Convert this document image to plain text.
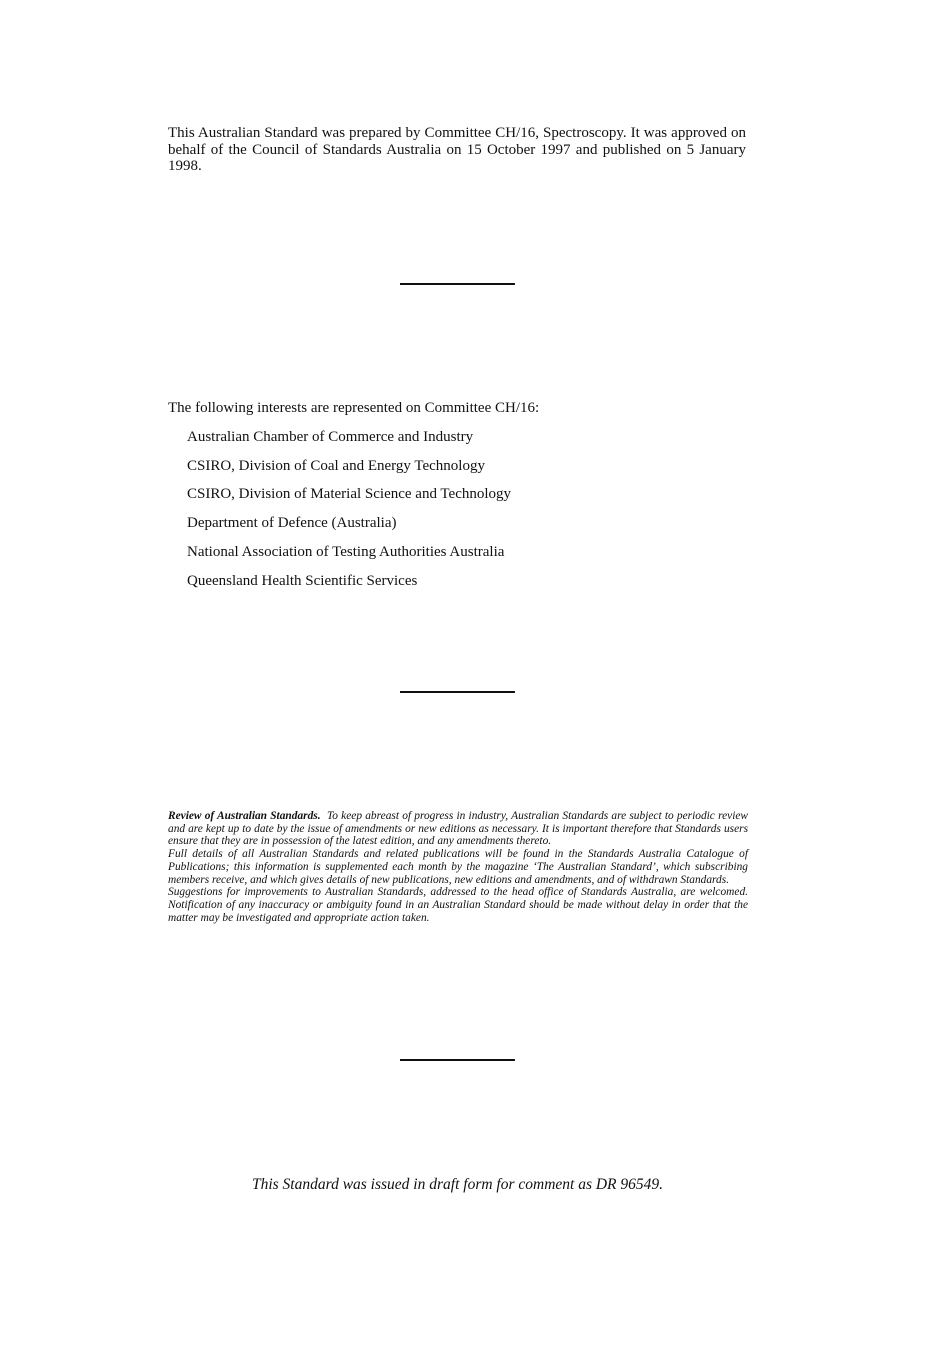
This Australian Standard was prepared by Committee CH/16, Spectroscopy. It was approved on behalf of the Council of Standards Australia on 15 October 1997 and published on 5 January 1998.

The following interests are represented on Committee CH/16:

Australian Chamber of Commerce and Industry
CSIRO, Division of Coal and Energy Technology
CSIRO, Division of Material Science and Technology
Department of Defence (Australia)
National Association of Testing Authorities Australia
Queensland Health Scientific Services

Review of Australian Standards. To keep abreast of progress in industry, Australian Standards are subject to periodic review and are kept up to date by the issue of amendments or new editions as necessary. It is important therefore that Standards users ensure that they are in possession of the latest edition, and any amendments thereto.

Full details of all Australian Standards and related publications will be found in the Standards Australia Catalogue of Publications; this information is supplemented each month by the magazine ‘The Australian Standard’, which subscribing members receive, and which gives details of new publications, new editions and amendments, and of withdrawn Standards.

Suggestions for improvements to Australian Standards, addressed to the head office of Standards Australia, are welcomed. Notification of any inaccuracy or ambiguity found in an Australian Standard should be made without delay in order that the matter may be investigated and appropriate action taken.

This Standard was issued in draft form for comment as DR 96549.
